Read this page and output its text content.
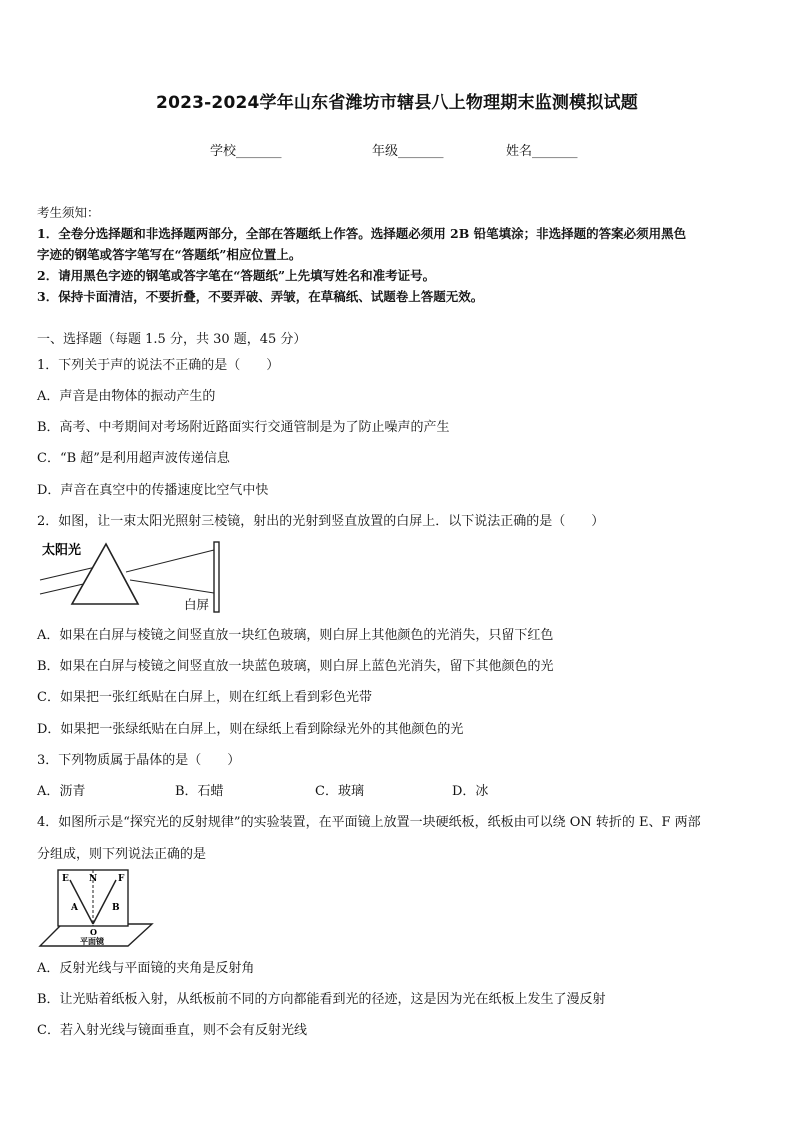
2023-2024学年山东省潍坊市辖县八上物理期末监测模拟试题
学校_______	年级_______	姓名_______
考生须知：
1．全卷分选择题和非选择题两部分，全部在答题纸上作答。选择题必须用 2B 铅笔填涂；非选择题的答案必须用黑色
字迹的钢笔或答字笔写在“答题纸”相应位置上。
2．请用黑色字迹的钢笔或答字笔在“答题纸”上先填写姓名和准考证号。
3．保持卡面清洁，不要折叠，不要弄破、弄皱，在草稿纸、试题卷上答题无效。
一、选择题（每题 1.5 分，共 30 题，45 分）
1．下列关于声的说法不正确的是（　　）
A．声音是由物体的振动产生的
B．高考、中考期间对考场附近路面实行交通管制是为了防止噪声的产生
C．“B 超”是利用超声波传递信息
D．声音在真空中的传播速度比空气中快
2．如图，让一束太阳光照射三棱镜，射出的光射到竖直放置的白屏上．以下说法正确的是（　　）
太阳光
白屏
A．如果在白屏与棱镜之间竖直放一块红色玻璃，则白屏上其他颜色的光消失，只留下红色
B．如果在白屏与棱镜之间竖直放一块蓝色玻璃，则白屏上蓝色光消失，留下其他颜色的光
C．如果把一张红纸贴在白屏上，则在红纸上看到彩色光带
D．如果把一张绿纸贴在白屏上，则在绿纸上看到除绿光外的其他颜色的光
3．下列物质属于晶体的是（　　）
A．沥青	B．石蜡	C．玻璃	D．冰
4．如图所示是“探究光的反射规律”的实验装置，在平面镜上放置一块硬纸板，纸板由可以绕 ON 转折的 E、F 两部
分组成，则下列说法正确的是
E N F
A	B
O
平面镜
A．反射光线与平面镜的夹角是反射角
B．让光贴着纸板入射，从纸板前不同的方向都能看到光的径迹，这是因为光在纸板上发生了漫反射
C．若入射光线与镜面垂直，则不会有反射光线
